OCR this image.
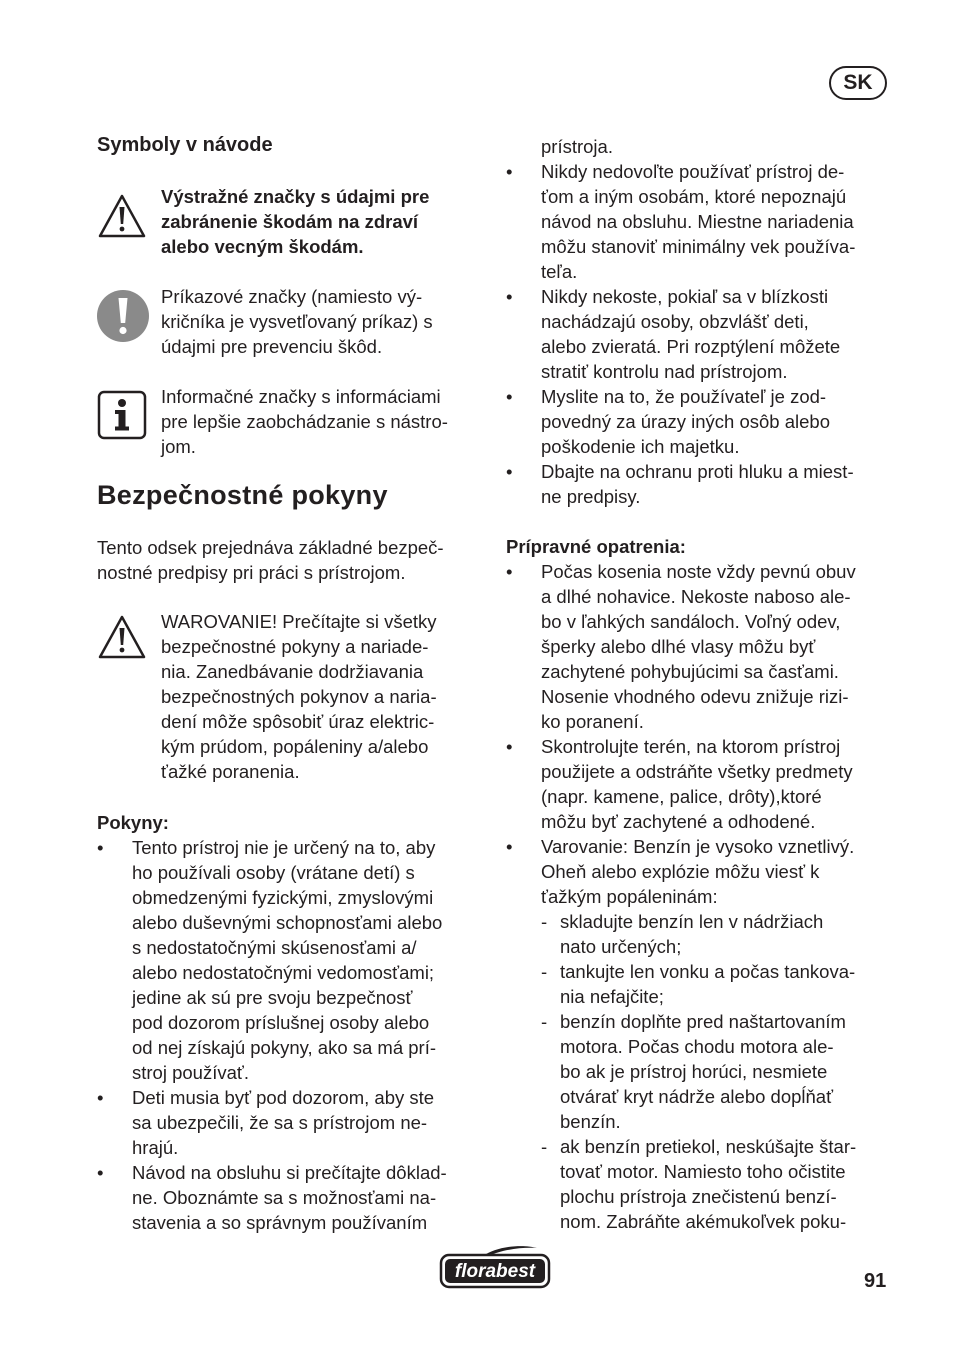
SK
Symboly v návode
Výstražné značky s údajmi pre
zabránenie škodám na zdraví
alebo vecným škodám.
Príkazové značky (namiesto vý-
kričníka je vysvetľovaný príkaz) s
údajmi pre prevenciu škôd.
Informačné značky s informáciami
pre lepšie zaobchádzanie s nástro-
jom.
Bezpečnostné pokyny
Tento odsek prejednáva základné bezpeč-
nostné predpisy pri práci s prístrojom.
WAROVANIE! Prečítajte si všetky
bezpečnostné pokyny a nariade-
nia. Zanedbávanie dodržiavania
bezpečnostných pokynov a naria-
dení môže spôsobiť úraz elektric-
kým prúdom, popáleniny a/alebo
ťažké poranenia.
Pokyny:
• Tento prístroj nie je určený na to, aby
ho používali osoby (vrátane detí) s
obmedzenými fyzickými, zmyslovými
alebo duševnými schopnosťami alebo
s nedostatočnými skúsenosťami a/
alebo nedostatočnými vedomosťami;
jedine ak sú pre svoju bezpečnosť
pod dozorom príslušnej osoby alebo
od nej získajú pokyny, ako sa má prí-
stroj používať.
• Deti musia byť pod dozorom, aby ste
sa ubezpečili, že sa s prístrojom ne-
hrajú.
• Návod na obsluhu si prečítajte dôklad-
ne. Oboznámte sa s možnosťami na-
stavenia a so správnym používaním
prístroja.
• Nikdy nedovoľte používať prístroj de-
ťom a iným osobám, ktoré nepoznajú
návod na obsluhu. Miestne nariadenia
môžu stanoviť minimálny vek používa-
teľa.
• Nikdy nekoste, pokiaľ sa v blízkosti
nachádzajú osoby, obzvlášť deti,
alebo zvieratá. Pri rozptýlení môžete
stratiť kontrolu nad prístrojom.
• Myslite na to, že používateľ je zod-
povedný za úrazy iných osôb alebo
poškodenie ich majetku.
• Dbajte na ochranu proti hluku a miest-
ne predpisy.
Prípravné opatrenia:
• Počas kosenia noste vždy pevnú obuv
a dlhé nohavice. Nekoste naboso ale-
bo v ľahkých sandáloch. Voľný odev,
šperky alebo dlhé vlasy môžu byť
zachytené pohybujúcimi sa časťami.
Nosenie vhodného odevu znižuje rizi-
ko poranení.
• Skontrolujte terén, na ktorom prístroj
použijete a odstráňte všetky predmety
(napr. kamene, palice, drôty),ktoré
môžu byť zachytené a odhodené.
• Varovanie: Benzín je vysoko vznetlivý.
Oheň alebo explózie môžu viesť k
ťažkým popáleninám:
- skladujte benzín len v nádržiach
nato určených;
- tankujte len vonku a počas tankova-
nia nefajčite;
- benzín doplňte pred naštartovaním
motora. Počas chodu motora ale-
bo ak je prístroj horúci, nesmiete
otvárať kryt nádrže alebo dopĺňať
benzín.
- ak benzín pretiekol, neskúšajte štar-
tovať motor. Namiesto toho očistite
plochu prístroja znečistenú benzí-
nom. Zabráňte akémukoľvek poku-
florabest	91
